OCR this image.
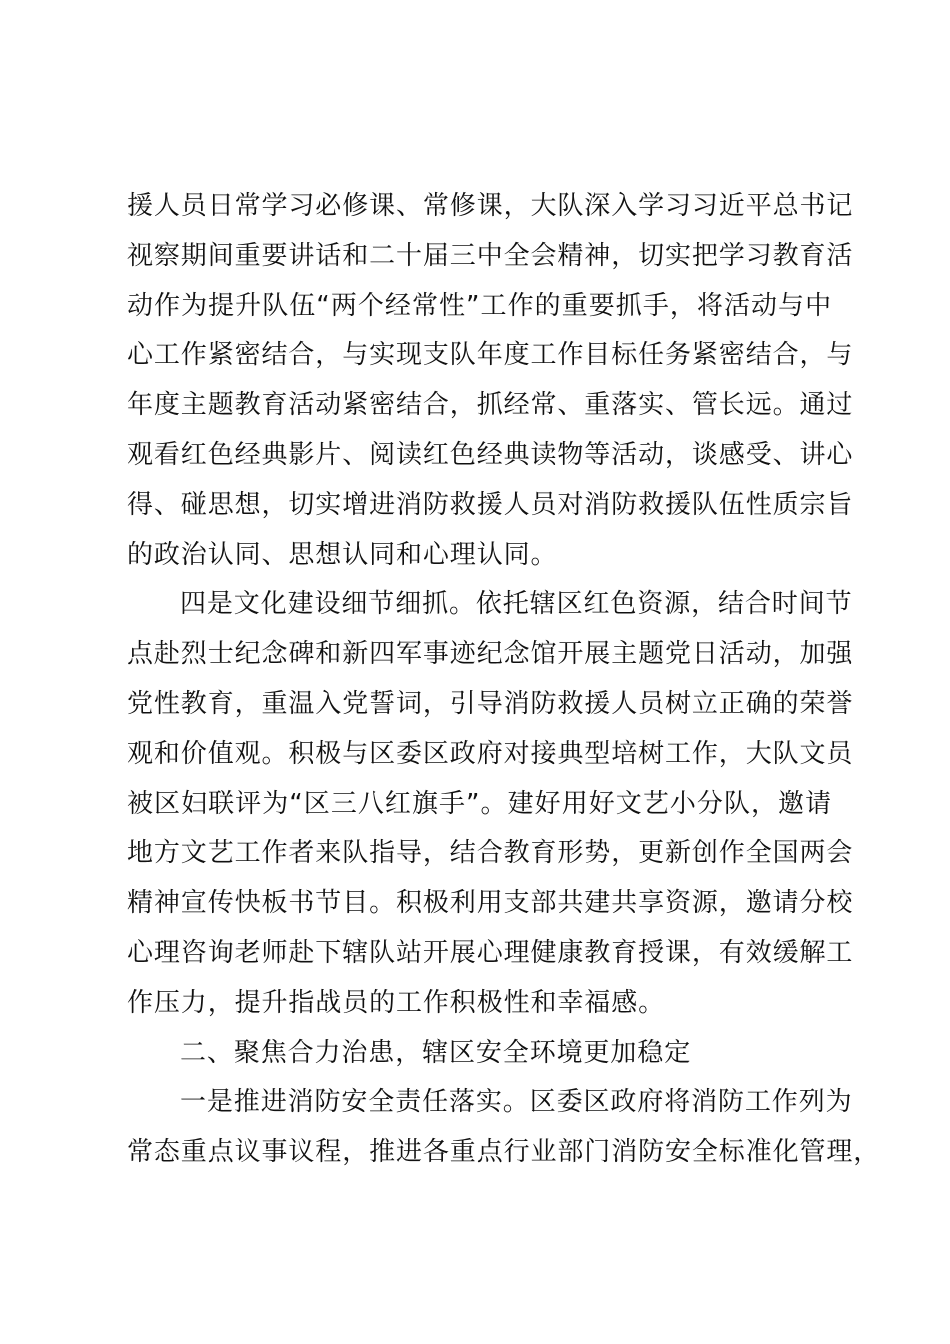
援人员日常学习必修课、常修课，大队深入学习习近平总书记
视察期间重要讲话和二十届三中全会精神，切实把学习教育活
动作为提升队伍“两个经常性”工作的重要抓手，将活动与中
心工作紧密结合，与实现支队年度工作目标任务紧密结合，与
年度主题教育活动紧密结合，抓经常、重落实、管长远。通过
观看红色经典影片、阅读红色经典读物等活动，谈感受、讲心
得、碰思想，切实增进消防救援人员对消防救援队伍性质宗旨
的政治认同、思想认同和心理认同。
四是文化建设细节细抓。依托辖区红色资源，结合时间节
点赴烈士纪念碑和新四军事迹纪念馆开展主题党日活动，加强
党性教育，重温入党誓词，引导消防救援人员树立正确的荣誉
观和价值观。积极与区委区政府对接典型培树工作，大队文员
被区妇联评为“区三八红旗手”。建好用好文艺小分队，邀请
地方文艺工作者来队指导，结合教育形势，更新创作全国两会
精神宣传快板书节目。积极利用支部共建共享资源，邀请分校
心理咨询老师赴下辖队站开展心理健康教育授课，有效缓解工
作压力，提升指战员的工作积极性和幸福感。
二、聚焦合力治患，辖区安全环境更加稳定
一是推进消防安全责任落实。区委区政府将消防工作列为
常态重点议事议程，推进各重点行业部门消防安全标准化管理，
